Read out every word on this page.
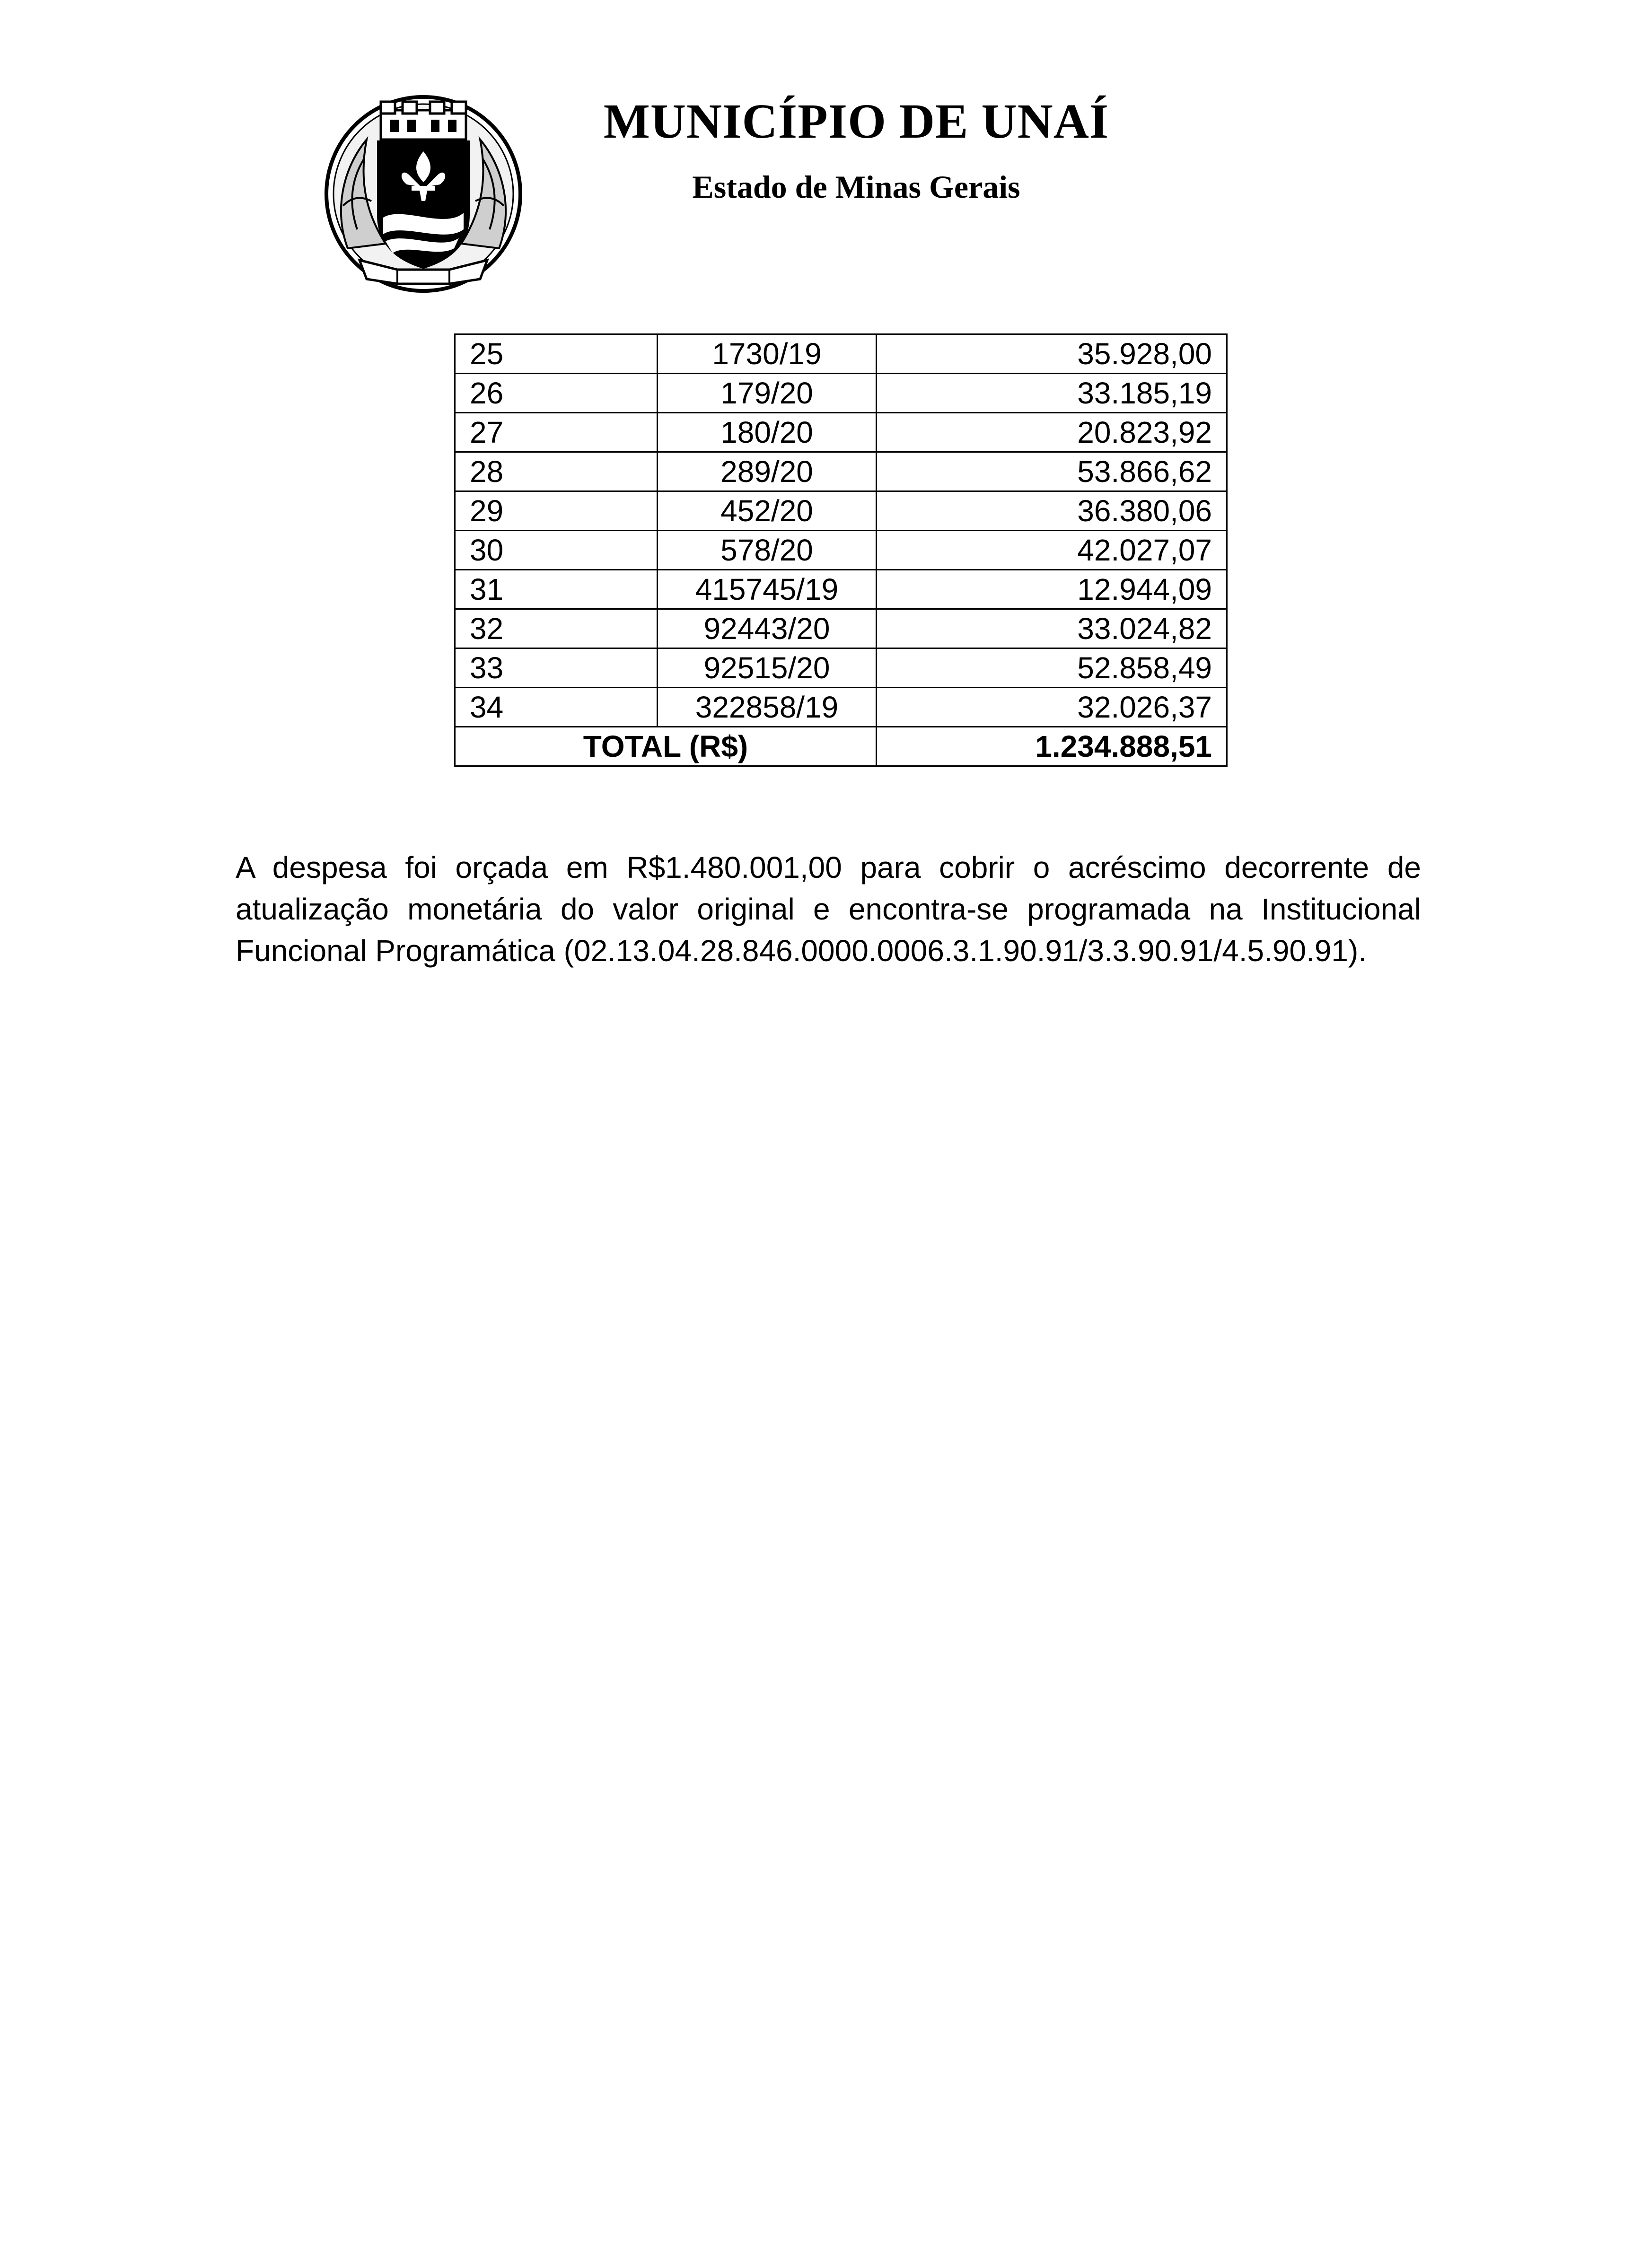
MUNICÍPIO DE UNAÍ
Estado de Minas Gerais
25	1730/19	35.928,00
26	179/20	33.185,19
27	180/20	20.823,92
28	289/20	53.866,62
29	452/20	36.380,06
30	578/20	42.027,07
31	415745/19	12.944,09
32	92443/20	33.024,82
33	92515/20	52.858,49
34	322858/19	32.026,37
TOTAL (R$)		1.234.888,51
A despesa foi orçada em R$1.480.001,00 para cobrir o acréscimo decorrente de atualização monetária do valor original e encontra-se programada na Institucional Funcional Programática (02.13.04.28.846.0000.0006.3.1.90.91/3.3.90.91/4.5.90.91).
